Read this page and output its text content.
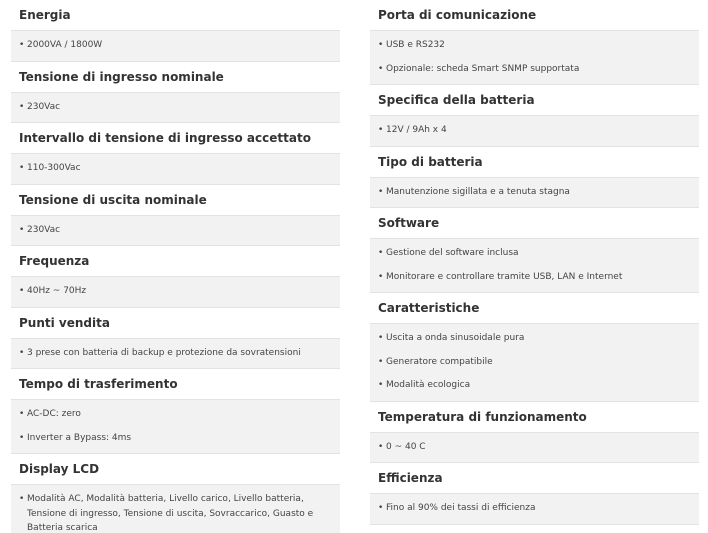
Energia
• 2000VA / 1800W
Tensione di ingresso nominale
• 230Vac
Intervallo di tensione di ingresso accettato
• 110-300Vac
Tensione di uscita nominale
• 230Vac
Frequenza
• 40Hz ~ 70Hz
Punti vendita
• 3 prese con batteria di backup e protezione da sovratensioni
Tempo di trasferimento
• AC-DC: zero
• Inverter a Bypass: 4ms
Display LCD
• Modalità AC, Modalità batteria, Livello carico, Livello batteria, Tensione di ingresso, Tensione di uscita, Sovraccarico, Guasto e Batteria scarica
Porta di comunicazione
• USB e RS232
• Opzionale: scheda Smart SNMP supportata
Specifica della batteria
• 12V / 9Ah x 4
Tipo di batteria
• Manutenzione sigillata e a tenuta stagna
Software
• Gestione del software inclusa
• Monitorare e controllare tramite USB, LAN e Internet
Caratteristiche
• Uscita a onda sinusoidale pura
• Generatore compatibile
• Modalità ecologica
Temperatura di funzionamento
• 0 ~ 40 C
Efficienza
• Fino al 90% dei tassi di efficienza
